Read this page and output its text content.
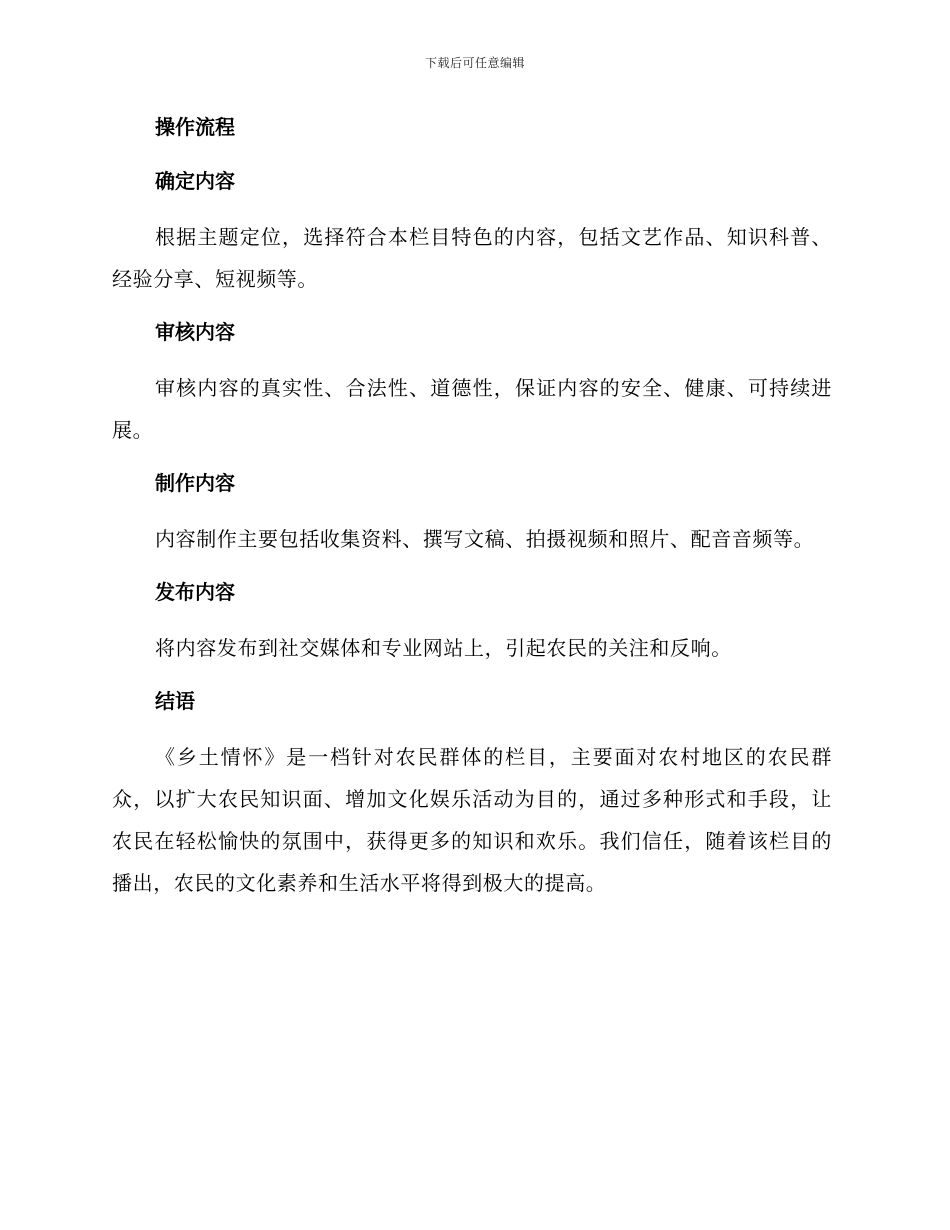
下载后可任意编辑
操作流程
确定内容

根据主题定位，选择符合本栏目特色的内容，包括文艺作品、知识科普、经验分享、短视频等。

审核内容

审核内容的真实性、合法性、道德性，保证内容的安全、健康、可持续进展。

制作内容

内容制作主要包括收集资料、撰写文稿、拍摄视频和照片、配音音频等。

发布内容

将内容发布到社交媒体和专业网站上，引起农民的关注和反响。

结语

《乡土情怀》是一档针对农民群体的栏目，主要面对农村地区的农民群众，以扩大农民知识面、增加文化娱乐活动为目的，通过多种形式和手段，让农民在轻松愉快的氛围中，获得更多的知识和欢乐。我们信任，随着该栏目的播出，农民的文化素养和生活水平将得到极大的提高。
